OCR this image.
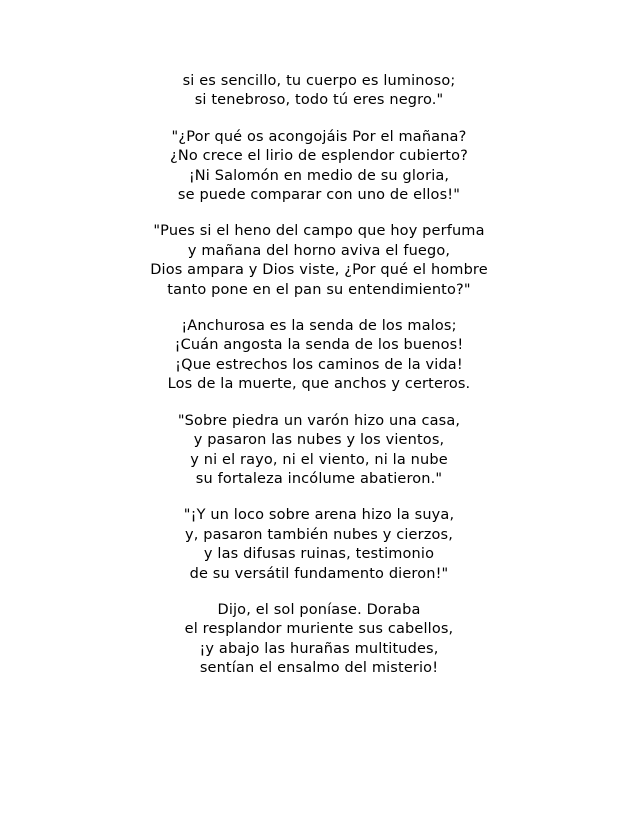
si es sencillo, tu cuerpo es luminoso;
si tenebroso, todo tú eres negro."
"¿Por qué os acongojáis Por el mañana?
¿No crece el lirio de esplendor cubierto?
¡Ni Salomón en medio de su gloria,
se puede comparar con uno de ellos!"
"Pues si el heno del campo que hoy perfuma
y mañana del horno aviva el fuego,
Dios ampara y Dios viste, ¿Por qué el hombre
tanto pone en el pan su entendimiento?"
¡Anchurosa es la senda de los malos;
¡Cuán angosta la senda de los buenos!
¡Que estrechos los caminos de la vida!
Los de la muerte, que anchos y certeros.
"Sobre piedra un varón hizo una casa,
y pasaron las nubes y los vientos,
y ni el rayo, ni el viento, ni la nube
su fortaleza incólume abatieron."
"¡Y un loco sobre arena hizo la suya,
y, pasaron también nubes y cierzos,
y las difusas ruinas, testimonio
de su versátil fundamento dieron!"
Dijo, el sol poníase. Doraba
el resplandor muriente sus cabellos,
¡y abajo las hurañas multitudes,
sentían el ensalmo del misterio!
